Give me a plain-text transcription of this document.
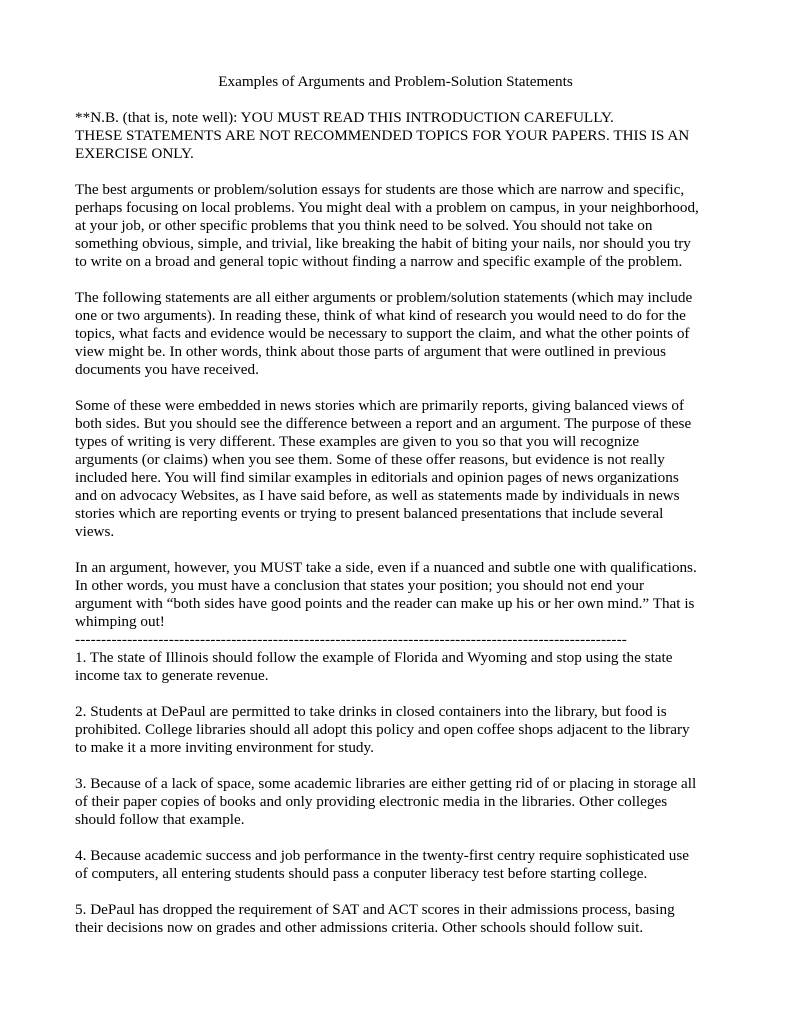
Examples of Arguments and Problem-Solution Statements

**N.B. (that is, note well): YOU MUST READ THIS INTRODUCTION CAREFULLY.
THESE STATEMENTS ARE NOT RECOMMENDED TOPICS FOR YOUR PAPERS. THIS IS AN
EXERCISE ONLY.

The best arguments or problem/solution essays for students are those which are narrow and specific,
perhaps focusing on local problems. You might deal with a problem on campus, in your neighborhood,
at your job, or other specific problems that you think need to be solved. You should not take on
something obvious, simple, and trivial, like breaking the habit of biting your nails, nor should you try
to write on a broad and general topic without finding a narrow and specific example of the problem.

The following statements are all either arguments or problem/solution statements (which may include
one or two arguments). In reading these, think of what kind of research you would need to do for the
topics, what facts and evidence would be necessary to support the claim, and what the other points of
view might be. In other words, think about those parts of argument that were outlined in previous
documents you have received.

Some of these were embedded in news stories which are primarily reports, giving balanced views of
both sides. But you should see the difference between a report and an argument. The purpose of these
types of writing is very different. These examples are given to you so that you will recognize
arguments (or claims) when you see them. Some of these offer reasons, but evidence is not really
included here. You will find similar examples in editorials and opinion pages of news organizations
and on advocacy Websites, as I have said before, as well as statements made by individuals in news
stories which are reporting events or trying to present balanced presentations that include several
views.

In an argument, however, you MUST take a side, even if a nuanced and subtle one with qualifications.
In other words, you must have a conclusion that states your position; you should not end your
argument with “both sides have good points and the reader can make up his or her own mind.” That is
whimping out!

----------------------------------------------------------------------------------------------------------

1. The state of Illinois should follow the example of Florida and Wyoming and stop using the state
income tax to generate revenue.

2. Students at DePaul are permitted to take drinks in closed containers into the library, but food is
prohibited. College libraries should all adopt this policy and open coffee shops adjacent to the library
to make it a more inviting environment for study.

3. Because of a lack of space, some academic libraries are either getting rid of or placing in storage all
of their paper copies of books and only providing electronic media in the libraries. Other colleges
should follow that example.

4. Because academic success and job performance in the twenty-first centry require sophisticated use
of computers, all entering students should pass a conputer liberacy test before starting college.

5. DePaul has dropped the requirement of SAT and ACT scores in their admissions process, basing
their decisions now on grades and other admissions criteria. Other schools should follow suit.
